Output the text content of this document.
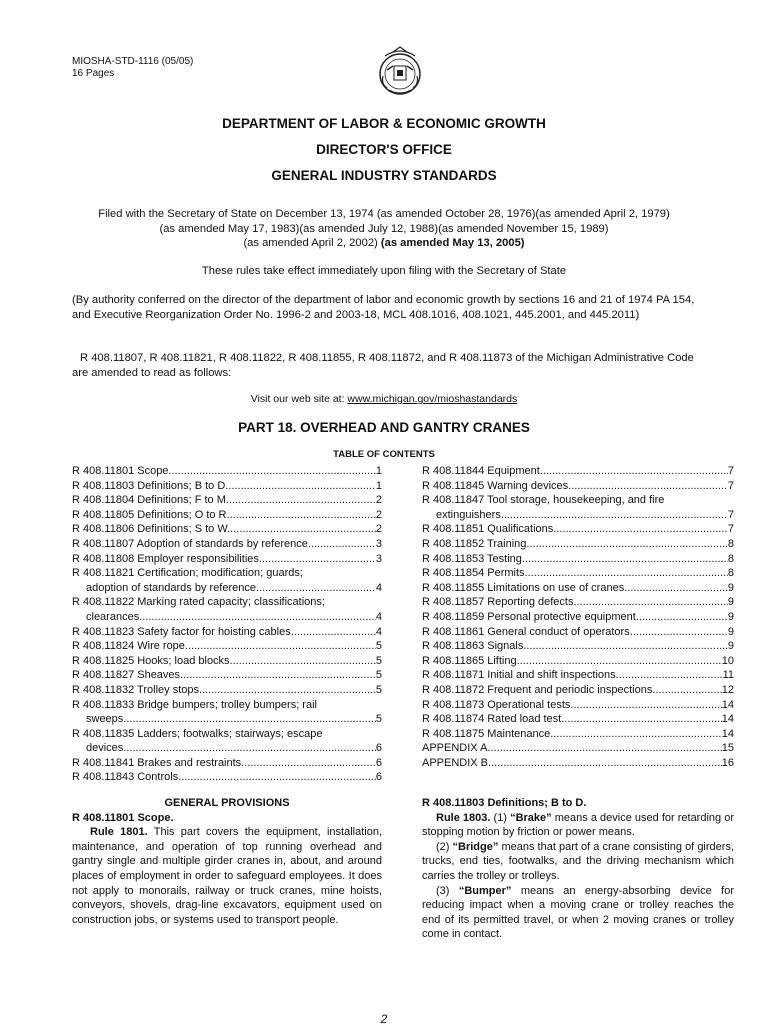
MIOSHA-STD-1116 (05/05)
16 Pages
DEPARTMENT OF LABOR & ECONOMIC GROWTH
DIRECTOR'S OFFICE
GENERAL INDUSTRY STANDARDS
Filed with the Secretary of State on December 13, 1974 (as amended October 28, 1976)(as amended April 2, 1979)
(as amended May 17, 1983)(as amended July 12, 1988)(as amended November 15, 1989)
(as amended April 2, 2002) (as amended May 13, 2005)
These rules take effect immediately upon filing with the Secretary of State
(By authority conferred on the director of the department of labor and economic growth by sections 16 and 21 of 1974 PA 154, and Executive Reorganization Order No. 1996-2 and 2003-18, MCL 408.1016, 408.1021, 445.2001, and 445.2011)
R 408.11807, R 408.11821, R 408.11822, R 408.11855, R 408.11872, and R 408.11873 of the Michigan Administrative Code are amended to read as follows:
Visit our web site at: www.michigan.gov/mioshastandards
PART 18. OVERHEAD AND GANTRY CRANES
TABLE OF CONTENTS
R 408.11801 Scope. .....	1
R 408.11803 Definitions; B to D. .....	1
R 408.11804 Definitions; F to M. .....	2
R 408.11805 Definitions; O to R. .....	2
R 408.11806 Definitions; S to W. .....	2
R 408.11807 Adoption of standards by reference. .....	3
R 408.11808 Employer responsibilities. .....	3
R 408.11821 Certification; modification; guards;
adoption of standards by reference .....	4
R 408.11822 Marking rated capacity; classifications;
clearances. .....	4
R 408.11823 Safety factor for hoisting cables. .....	4
R 408.11824 Wire rope. .....	5
R 408.11825 Hooks; load blocks. .....	5
R 408.11827 Sheaves. .....	5
R 408.11832 Trolley stops. .....	5
R 408.11833 Bridge bumpers; trolley bumpers; rail
sweeps. .....	5
R 408.11835 Ladders; footwalks; stairways; escape
devices. .....	6
R 408.11841 Brakes and restraints. .....	6
R 408.11843 Controls. .....	6
R 408.11844 Equipment. .....	7
R 408.11845 Warning devices. .....	7
R 408.11847 Tool storage, housekeeping, and fire
extinguishers. .....	7
R 408.11851 Qualifications. .....	7
R 408.11852 Training. .....	8
R 408.11853 Testing. .....	8
R 408.11854 Permits. .....	8
R 408.11855 Limitations on use of cranes. .....	9
R 408.11857 Reporting defects. .....	9
R 408.11859 Personal protective equipment. .....	9
R 408.11861 General conduct of operators. .....	9
R 408.11863 Signals. .....	9
R 408.11865 Lifting. .....	10
R 408.11871 Initial and shift inspections. .....	11
R 408.11872 Frequent and periodic inspections. .....	12
R 408.11873 Operational tests. .....	14
R 408.11874 Rated load test. .....	14
R 408.11875 Maintenance. .....	14
APPENDIX A .....	15
APPENDIX B .....	16
GENERAL PROVISIONS
R 408.11801 Scope.
Rule 1801. This part covers the equipment, installation, maintenance, and operation of top running overhead and gantry single and multiple girder cranes in, about, and around places of employment in order to safeguard employees. It does not apply to monorails, railway or truck cranes, mine hoists, conveyors, shovels, drag-line excavators, equipment used on construction jobs, or systems used to transport people.
R 408.11803 Definitions; B to D.
Rule 1803. (1) “Brake” means a device used for retarding or stopping motion by friction or power means.
(2) “Bridge” means that part of a crane consisting of girders, trucks, end ties, footwalks, and the driving mechanism which carries the trolley or trolleys.
(3) “Bumper” means an energy-absorbing device for reducing impact when a moving crane or trolley reaches the end of its permitted travel, or when 2 moving cranes or trolley come in contact.
2
